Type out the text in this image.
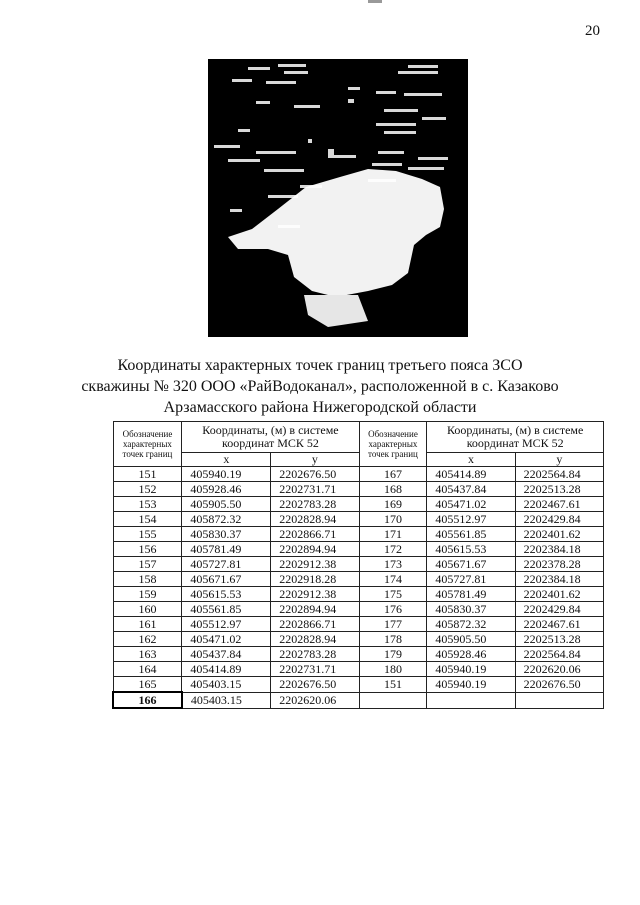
20
Координаты характерных точек границ третьего пояса ЗСО
скважины № 320 ООО «РайВодоканал», расположенной в с. Казаково
Арзамасского района Нижегородской области
Обозначение характерных точек границ	Координаты, (м) в системе координат МСК 52		Обозначение характерных точек границ	Координаты, (м) в системе координат МСК 52	
	x	y		x	y
151	405940.19	2202676.50	167	405414.89	2202564.84
152	405928.46	2202731.71	168	405437.84	2202513.28
153	405905.50	2202783.28	169	405471.02	2202467.61
154	405872.32	2202828.94	170	405512.97	2202429.84
155	405830.37	2202866.71	171	405561.85	2202401.62
156	405781.49	2202894.94	172	405615.53	2202384.18
157	405727.81	2202912.38	173	405671.67	2202378.28
158	405671.67	2202918.28	174	405727.81	2202384.18
159	405615.53	2202912.38	175	405781.49	2202401.62
160	405561.85	2202894.94	176	405830.37	2202429.84
161	405512.97	2202866.71	177	405872.32	2202467.61
162	405471.02	2202828.94	178	405905.50	2202513.28
163	405437.84	2202783.28	179	405928.46	2202564.84
164	405414.89	2202731.71	180	405940.19	2202620.06
165	405403.15	2202676.50	151	405940.19	2202676.50
166	405403.15	2202620.06			
